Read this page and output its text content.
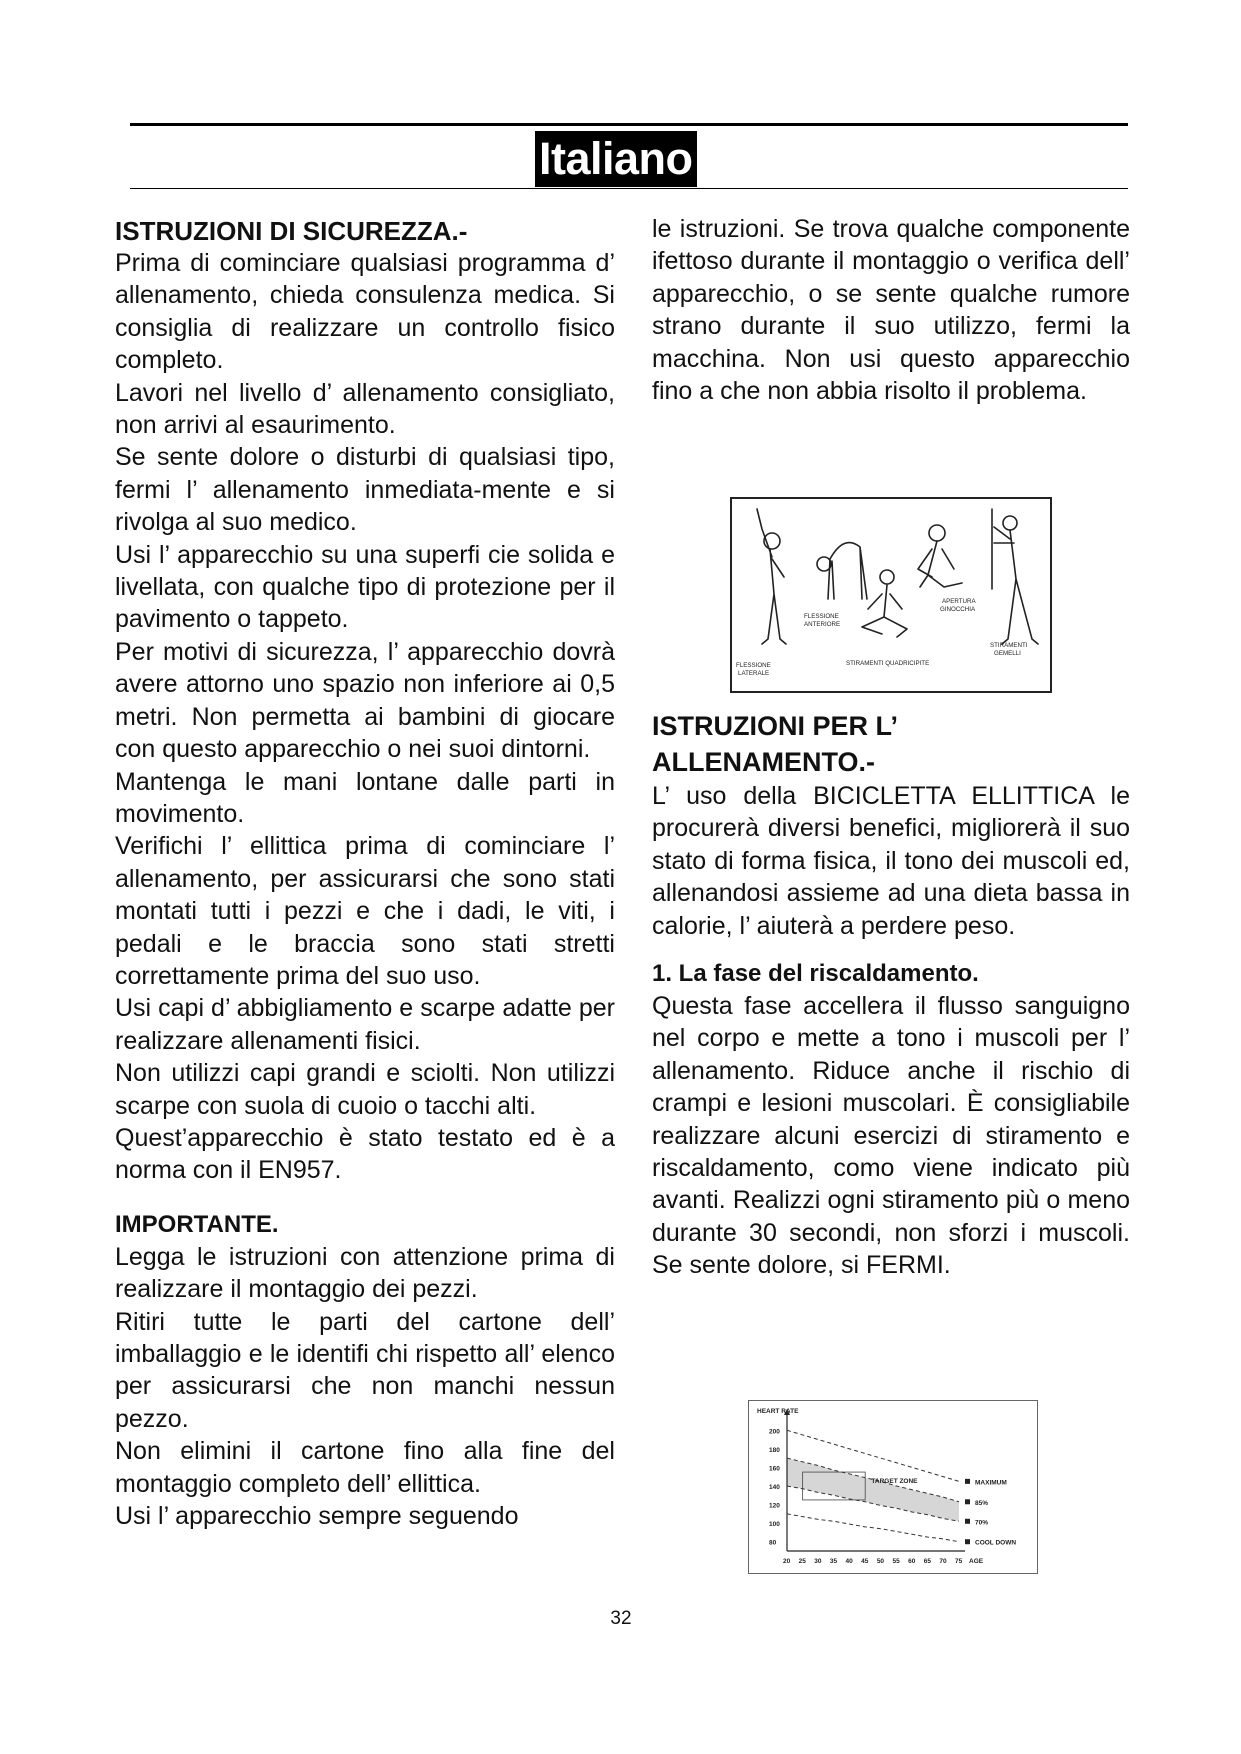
Italiano

ISTRUZIONI DI SICUREZZA.-

Prima di cominciare qualsiasi programma d’ allenamento, chieda consulenza medica. Si consiglia di realizzare un controllo fisico completo.

Lavori nel livello d’ allenamento consigliato, non arrivi al esaurimento.

Se sente dolore o disturbi di qualsiasi tipo, fermi l’ allenamento inmediata-mente e si rivolga al suo medico.

Usi l’ apparecchio su una superfi cie solida e livellata, con qualche tipo di protezione per il pavimento o tappeto.

Per motivi di sicurezza, l’ apparecchio dovrà avere attorno uno spazio non inferiore ai 0,5 metri. Non permetta ai bambini di giocare con questo apparecchio o nei suoi dintorni.

Mantenga le mani lontane dalle parti in movimento.

Verifichi l’ ellittica prima di cominciare l’ allenamento, per assicurarsi che sono stati montati tutti i pezzi e che i dadi, le viti, i pedali e le braccia sono stati stretti correttamente prima del suo uso.

Usi capi d’ abbigliamento e scarpe adatte per realizzare allenamenti fisici.

Non utilizzi capi grandi e sciolti. Non utilizzi scarpe con suola di cuoio o tacchi alti.

Quest’apparecchio è stato testato ed è a norma con il EN957.

IMPORTANTE.

Legga le istruzioni con attenzione prima di realizzare il montaggio dei pezzi.

Ritiri tutte le parti del cartone dell’ imballaggio e le identifi chi rispetto all’ elenco per assicurarsi che non manchi nessun pezzo.

Non elimini il cartone fino alla fine del montaggio completo dell’ ellittica.

Usi l’ apparecchio sempre seguendo

le istruzioni. Se trova qualche componente ifettoso durante il montaggio o verifica dell’ apparecchio, o se sente qualche rumore strano durante il suo utilizzo, fermi la macchina. Non usi questo apparecchio fino a che non abbia risolto il problema.

APERTURA
GINOCCHIA
FLESSIONE
ANTERIORE
STIRAMENTI
GEMELLI
FLESSIONE
LATERALE
STIRAMENTI QUADRICIPITE

ISTRUZIONI PER L’

ALLENAMENTO.-

L’ uso della BICICLETTA ELLITTICA le procurerà diversi benefici, migliorerà il suo stato di forma fisica, il tono dei muscoli ed, allenandosi assieme ad una dieta bassa in calorie, l’ aiuterà a perdere peso.

1. La fase del riscaldamento.

Questa fase accellera il flusso sanguigno nel corpo e mette a tono i muscoli per l’ allenamento. Riduce anche il rischio di crampi e lesioni muscolari. È consigliabile realizzare alcuni esercizi di stiramento e riscaldamento, como viene indicato più avanti. Realizzi ogni stiramento più o meno durante 30 secondi, non sforzi i muscoli. Se sente dolore, si FERMI.

MAXIMUM
85%
70%
COOL DOWN
TARGET ZONE
200
180
160
140
120
100
80
HEART RATE
20 25 30 35 40 45 50 55 60 65 70 75 AGE
32
